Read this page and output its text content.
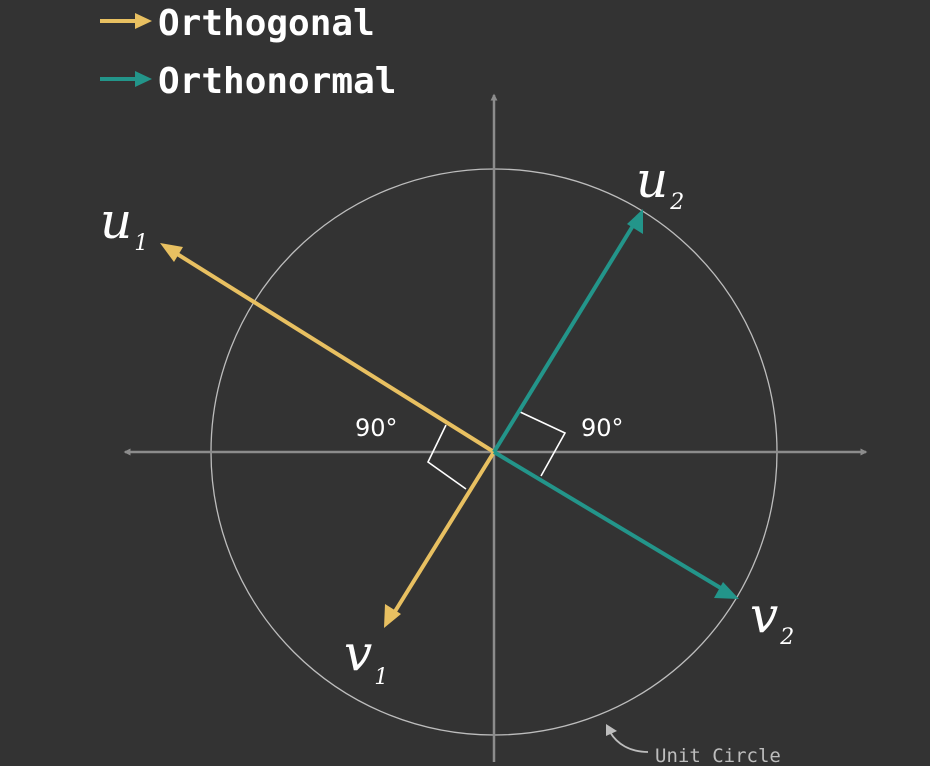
Orthogonal
Orthonormal
$u_1$
$u_2$
$v_1$
$v_2$
90°	90°
Unit Circle
